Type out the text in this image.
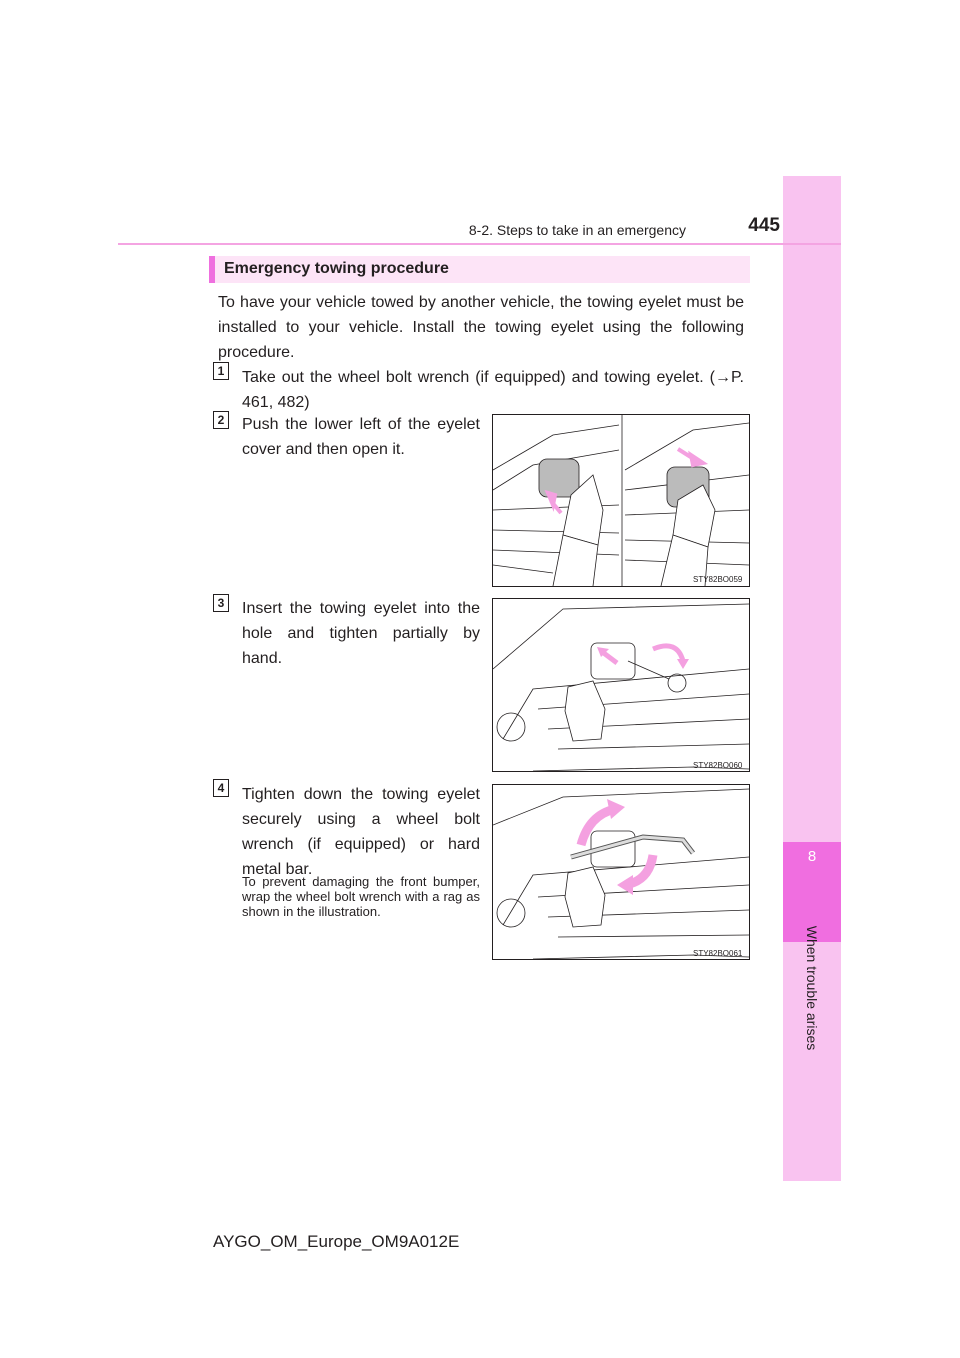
8
When trouble arises
8-2. Steps to take in an emergency	445
Emergency towing procedure
To have your vehicle towed by another vehicle, the towing eyelet must be installed to your vehicle. Install the towing eyelet using the following procedure.
1 Take out the wheel bolt wrench (if equipped) and towing eyelet. (→P. 461, 482)
2 Push the lower left of the eyelet cover and then open it.
STY82BO059
3 Insert the towing eyelet into the hole and tighten partially by hand.
STY82BO060
4 Tighten down the towing eyelet securely using a wheel bolt wrench (if equipped) or hard metal bar.
To prevent damaging the front bumper, wrap the wheel bolt wrench with a rag as shown in the illustration.
STY82BO061
AYGO_OM_Europe_OM9A012E
